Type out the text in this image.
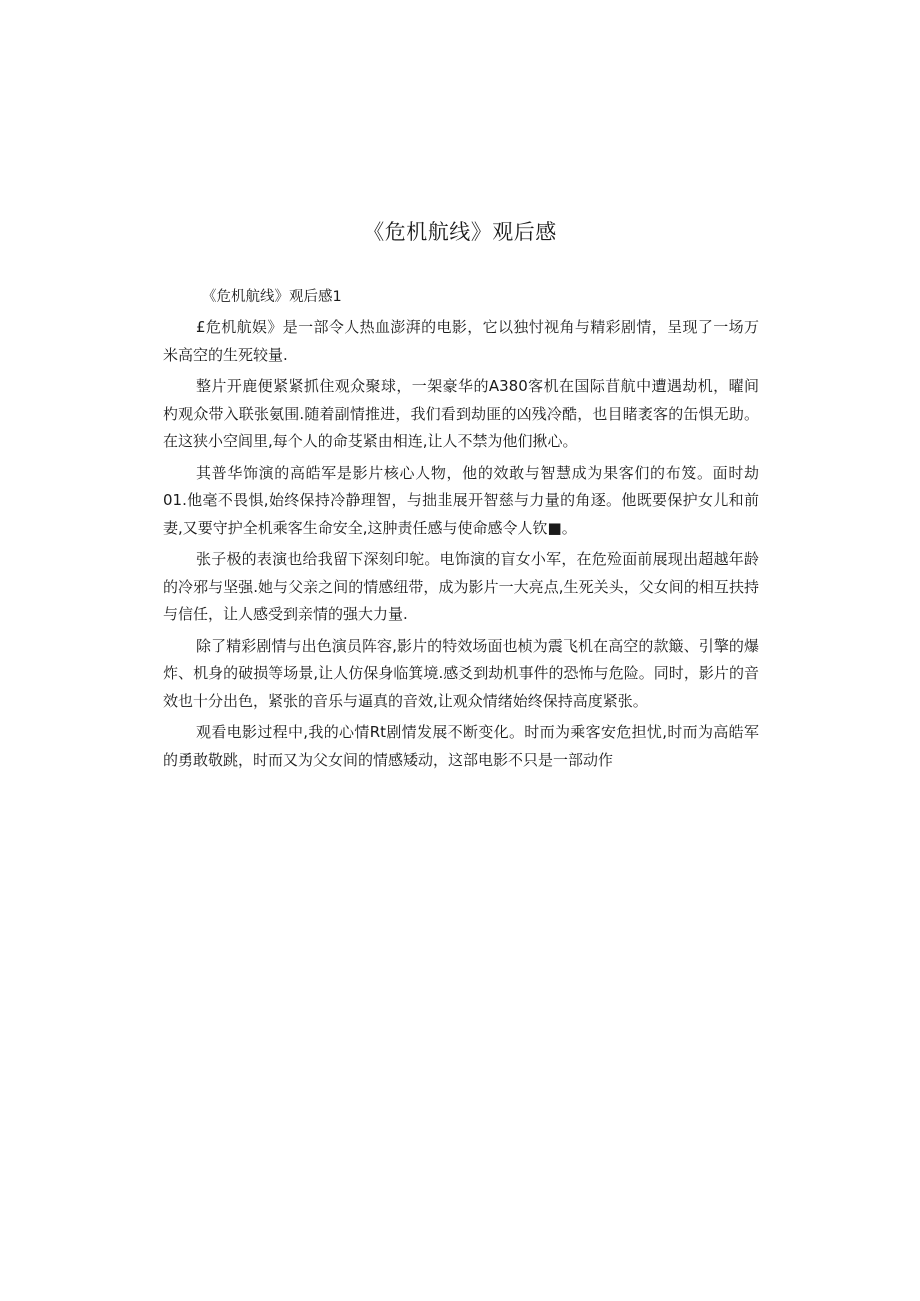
《危机航线》观后感

《危机航线》观后感1

£危机航娱》是一部令人热血澎湃的电影，它以独忖视角与精彩剧情，呈现了一场万米高空的生死较量.

整片开鹿便紧紧抓住观众聚球，一架豪华的A380客机在国际苜航中遭遇劫机，曜间杓观众带入联张氨围.随着副情推进，我们看到劫匪的凶残冷酷，也目睹袤客的缶惧无助。在这狭小空闾里,每个人的命芟紧由相连,让人不禁为他们揪心。

其普华饰演的高皓军是影片核心人物，他的效敢与智慧成为果客们的布笈。面时劫01.他毫不畏惧,始终保持冷静理智，与拙韭展开智慈与力量的角逐。他既要保护女儿和前妻,又要守护全机乘客生命安全,这肿责任感与使命感令人钦■。

张子极的表演也给我留下深刻印鸵。电饰演的盲女小军，在危殓面前展现出超越年龄的冷邪与坚强.她与父亲之间的情感纽带，成为影片一大亮点,生死关头，父女间的相互扶持与信任，让人感受到亲情的强大力量.

除了精彩剧情与出色演员阵容,影片的特效场面也桢为震飞机在高空的款簸、引擎的爆炸、机身的破损等场景,让人仿保身临箕境.感爻到劫机事件的恐怖与危险。同时，影片的音效也十分出色，紧张的音乐与逼真的音效,让观众情绪始终保持高度紧张。

观看电影过程中,我的心情Rt剧情发展不断变化。时而为乘客安危担忧,时而为高皓军的勇敢敬跳，时而又为父女间的情感矮动，这部电影不只是一部动作
